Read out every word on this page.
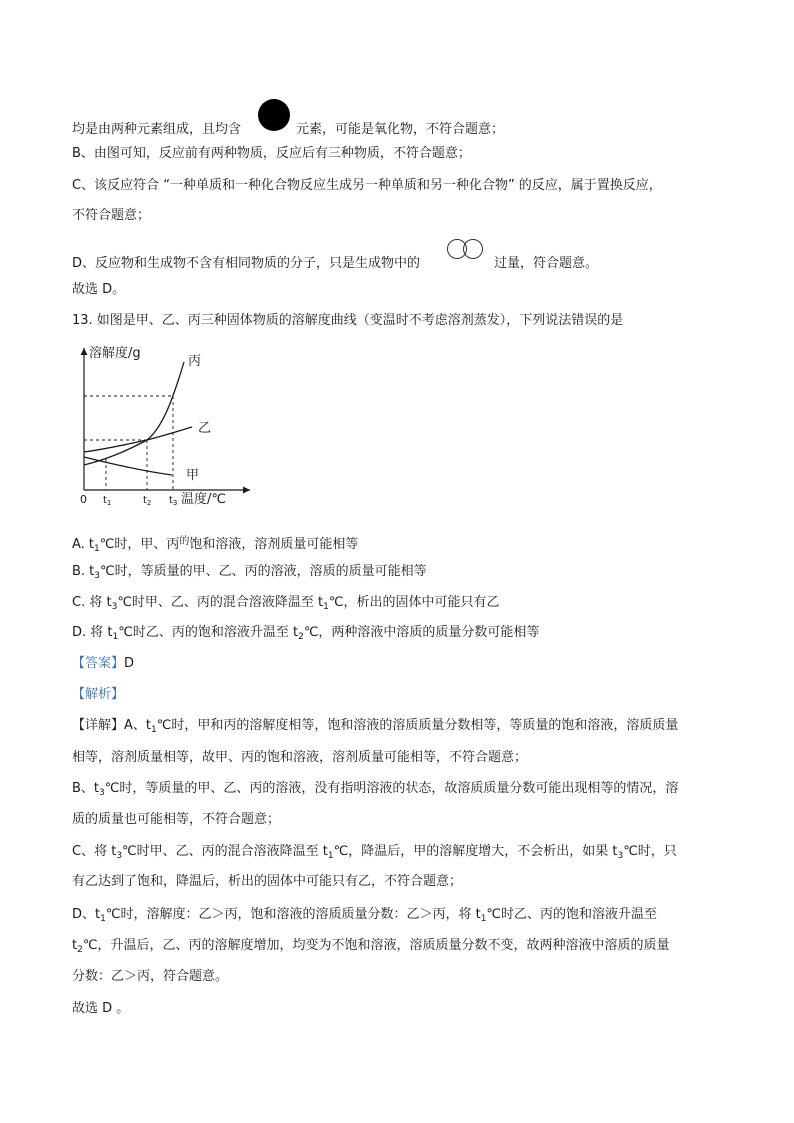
均是由两种元素组成，且均含	元素，可能是氧化物，不符合题意；
B、由图可知，反应前有两种物质，反应后有三种物质，不符合题意；
C、该反应符合 “一种单质和一种化合物反应生成另一种单质和另一种化合物” 的反应，属于置换反应，
不符合题意；
D、反应物和生成物不含有相同物质的分子，只是生成物中的	过量，符合题意。
故选 D。
13. 如图是甲、乙、丙三种固体物质的溶解度曲线（变温时不考虑溶剂蒸发），下列说法错误的是
溶解度/g
丙
乙
甲
0 $t_1$	$t_2$ $t_3$ 温度/℃
A. $t_1℃$时，甲、丙$^的$饱和溶液，溶剂质量可能相等
B. $t_3℃$时，等质量的甲、乙、丙的溶液，溶质的质量可能相等
C. 将 $t_3℃$时甲、乙、丙的混合溶液降温至 $t_1℃$，析出的固体中可能只有乙
D. 将 $t_1℃$时乙、丙的饱和溶液升温至 $t_2℃$，两种溶液中溶质的质量分数可能相等
【答案】D
【解析】
【详解】A、$t_1℃$时，甲和丙的溶解度相等，饱和溶液的溶质质量分数相等，等质量的饱和溶液，溶质质量
相等，溶剂质量相等，故甲、丙的饱和溶液，溶剂质量可能相等，不符合题意；
B、$t_3℃$时，等质量的甲、乙、丙的溶液，没有指明溶液的状态，故溶质质量分数可能出现相等的情况，溶
质的质量也可能相等，不符合题意；
C、将 $t_3℃$时甲、乙、丙的混合溶液降温至 $t_1℃$，降温后，甲的溶解度增大，不会析出，如果 $t_3℃$时，只
有乙达到了饱和，降温后，析出的固体中可能只有乙，不符合题意；
D、$t_1℃$时，溶解度：乙＞丙，饱和溶液的溶质质量分数：乙＞丙，将 $t_1℃$时乙、丙的饱和溶液升温至
$t_2℃$，升温后，乙、丙的溶解度增加，均变为不饱和溶液，溶质质量分数不变，故两种溶液中溶质的质量
分数：乙＞丙，符合题意。
故选 D 。
